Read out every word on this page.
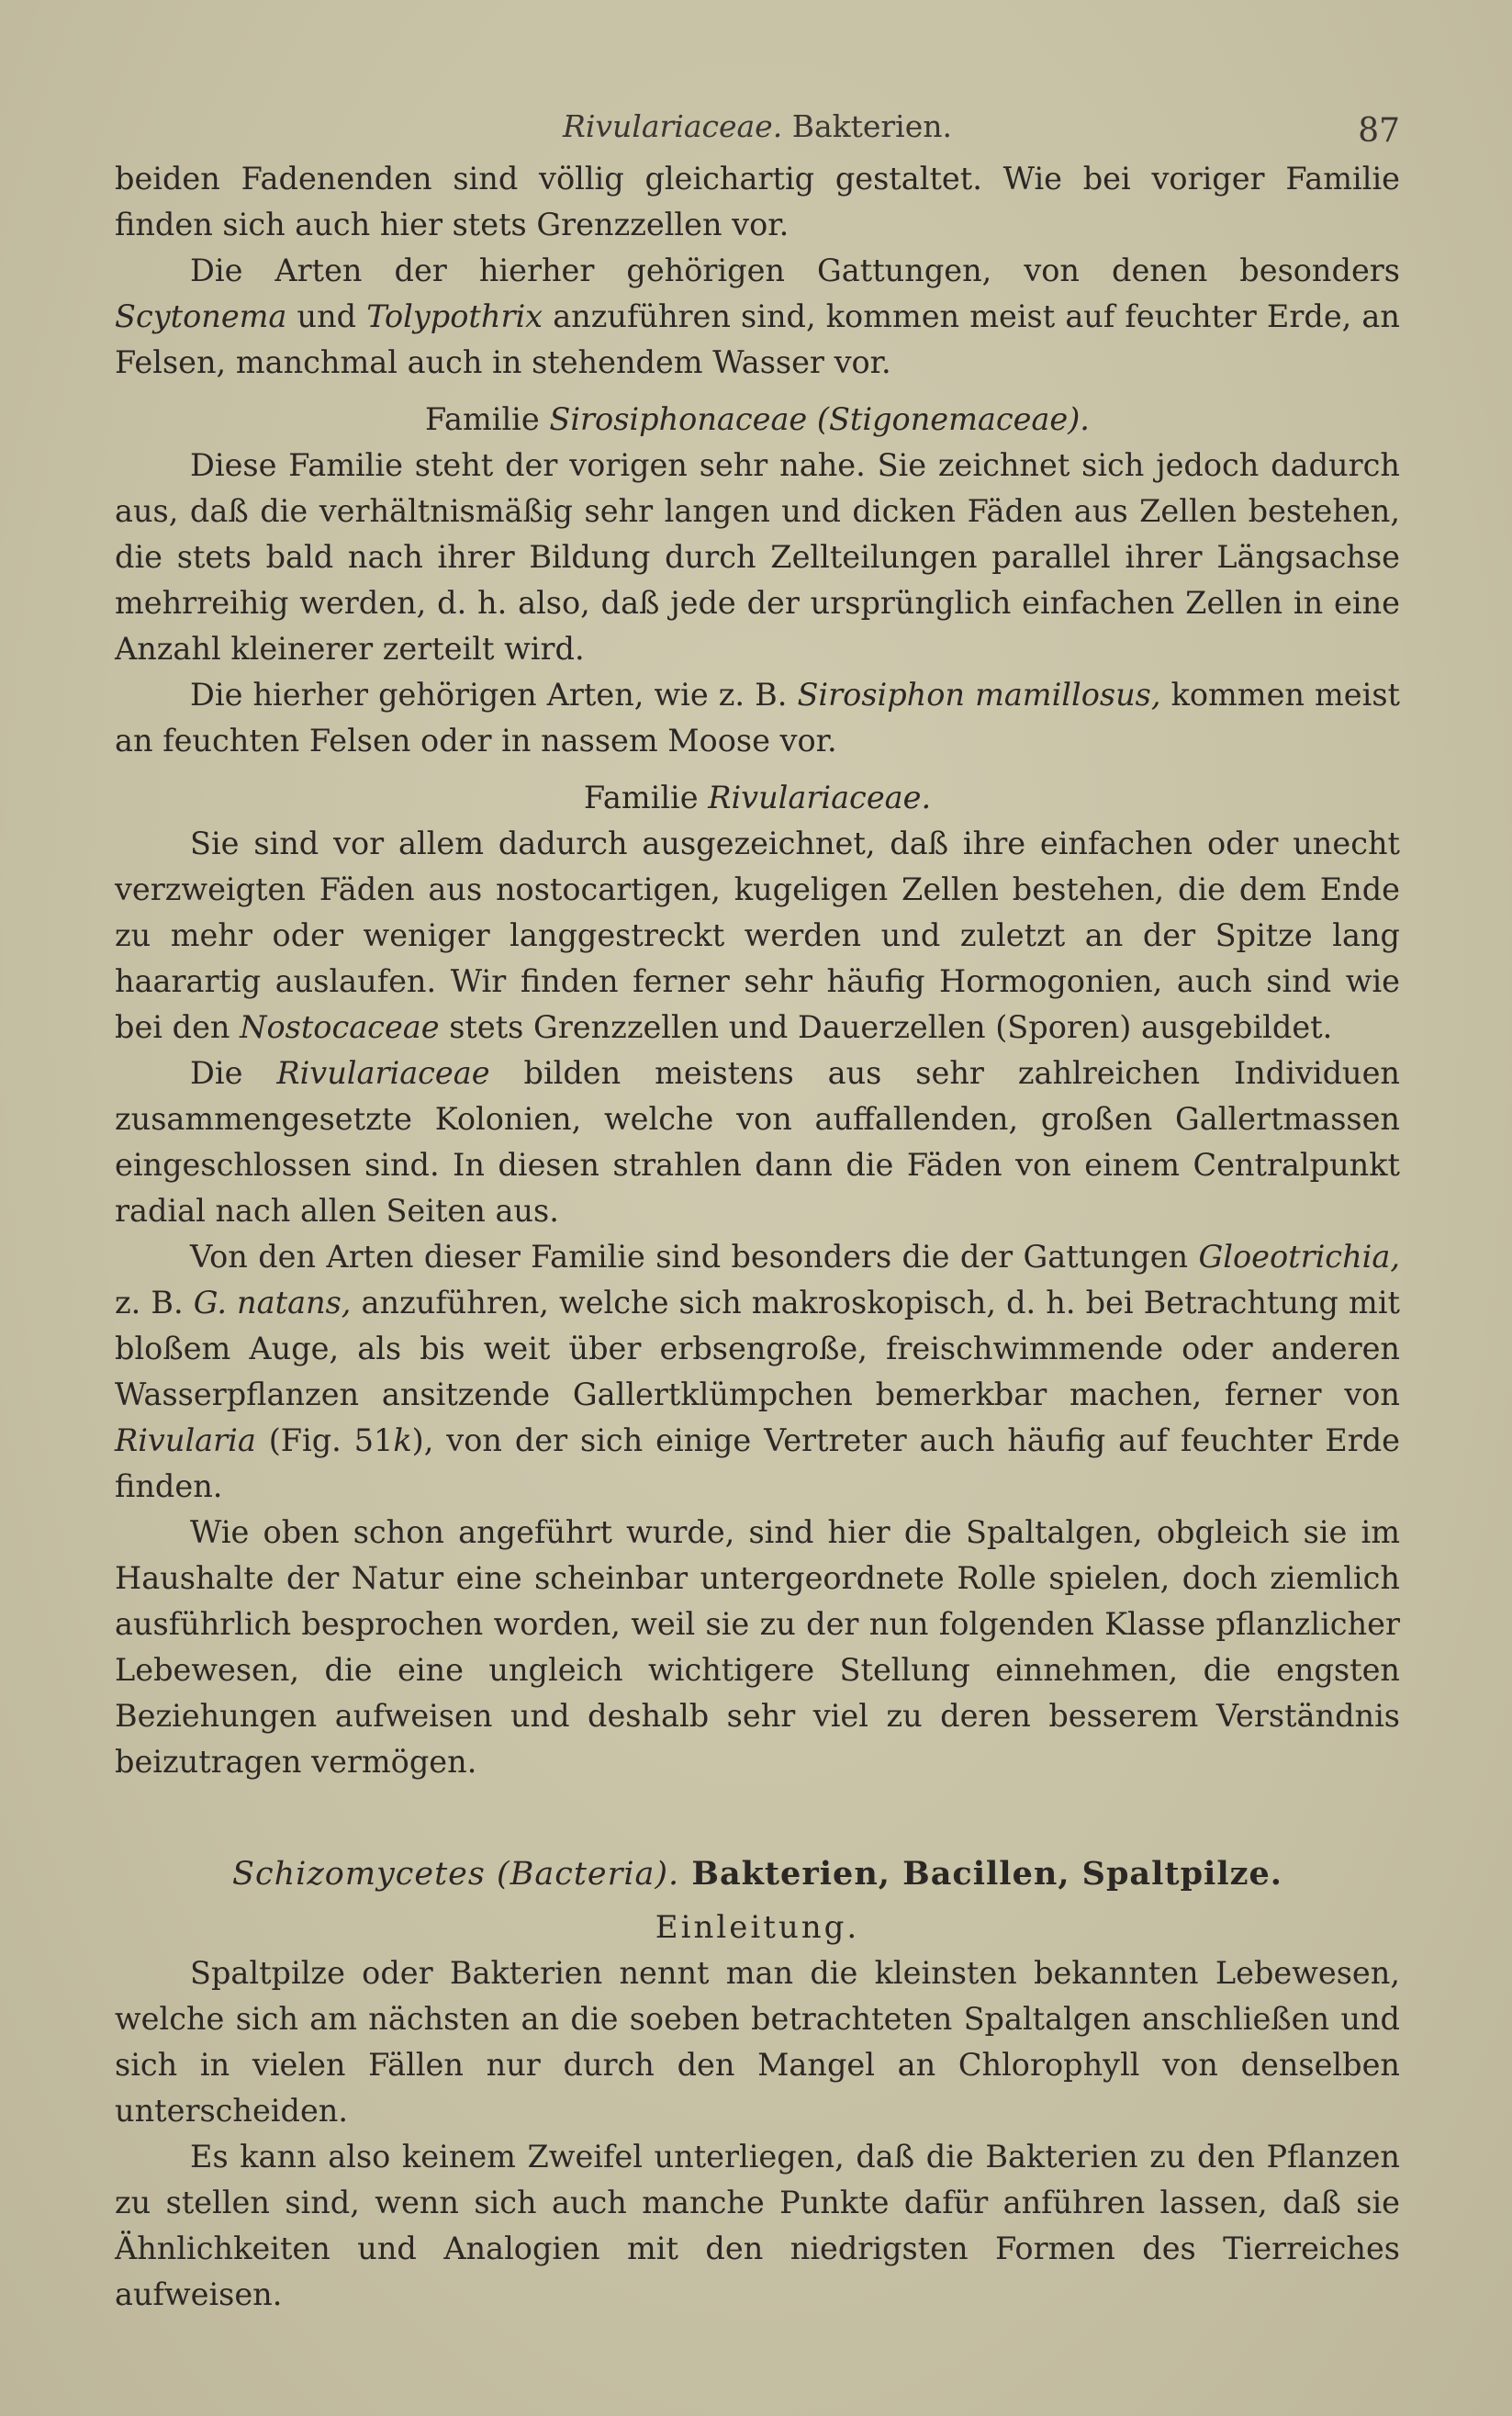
Rivulariaceae. Bakterien.	87

beiden Fadenenden sind völlig gleichartig gestaltet. Wie bei voriger Familie finden sich auch hier stets Grenzzellen vor.

Die Arten der hierher gehörigen Gattungen, von denen besonders Scytonema und Tolypothrix anzuführen sind, kommen meist auf feuchter Erde, an Felsen, manchmal auch in stehendem Wasser vor.

Familie Sirosiphonaceae (Stigonemaceae).

Diese Familie steht der vorigen sehr nahe. Sie zeichnet sich jedoch dadurch aus, daß die verhältnismäßig sehr langen und dicken Fäden aus Zellen bestehen, die stets bald nach ihrer Bildung durch Zellteilungen parallel ihrer Längsachse mehrreihig werden, d. h. also, daß jede der ursprünglich einfachen Zellen in eine Anzahl kleinerer zerteilt wird.

Die hierher gehörigen Arten, wie z. B. Sirosiphon mamillosus, kommen meist an feuchten Felsen oder in nassem Moose vor.

Familie Rivulariaceae.

Sie sind vor allem dadurch ausgezeichnet, daß ihre einfachen oder unecht verzweigten Fäden aus nostocartigen, kugeligen Zellen bestehen, die dem Ende zu mehr oder weniger langgestreckt werden und zuletzt an der Spitze lang haarartig auslaufen. Wir finden ferner sehr häufig Hormogonien, auch sind wie bei den Nostocaceae stets Grenzzellen und Dauerzellen (Sporen) ausgebildet.

Die Rivulariaceae bilden meistens aus sehr zahlreichen Individuen zusammengesetzte Kolonien, welche von auffallenden, großen Gallertmassen eingeschlossen sind. In diesen strahlen dann die Fäden von einem Centralpunkt radial nach allen Seiten aus.

Von den Arten dieser Familie sind besonders die der Gattungen Gloeotrichia, z. B. G. natans, anzuführen, welche sich makroskopisch, d. h. bei Betrachtung mit bloßem Auge, als bis weit über erbsengroße, freischwimmende oder anderen Wasserpflanzen ansitzende Gallertklümpchen bemerkbar machen, ferner von Rivularia (Fig. 51k), von der sich einige Vertreter auch häufig auf feuchter Erde finden.

Wie oben schon angeführt wurde, sind hier die Spaltalgen, obgleich sie im Haushalte der Natur eine scheinbar untergeordnete Rolle spielen, doch ziemlich ausführlich besprochen worden, weil sie zu der nun folgenden Klasse pflanzlicher Lebewesen, die eine ungleich wichtigere Stellung einnehmen, die engsten Beziehungen aufweisen und deshalb sehr viel zu deren besserem Verständnis beizutragen vermögen.

Schizomycetes (Bacteria). Bakterien, Bacillen, Spaltpilze.
Einleitung.

Spaltpilze oder Bakterien nennt man die kleinsten bekannten Lebewesen, welche sich am nächsten an die soeben betrachteten Spaltalgen anschließen und sich in vielen Fällen nur durch den Mangel an Chlorophyll von denselben unterscheiden.

Es kann also keinem Zweifel unterliegen, daß die Bakterien zu den Pflanzen zu stellen sind, wenn sich auch manche Punkte dafür anführen lassen, daß sie Ähnlichkeiten und Analogien mit den niedrigsten Formen des Tierreiches aufweisen.
